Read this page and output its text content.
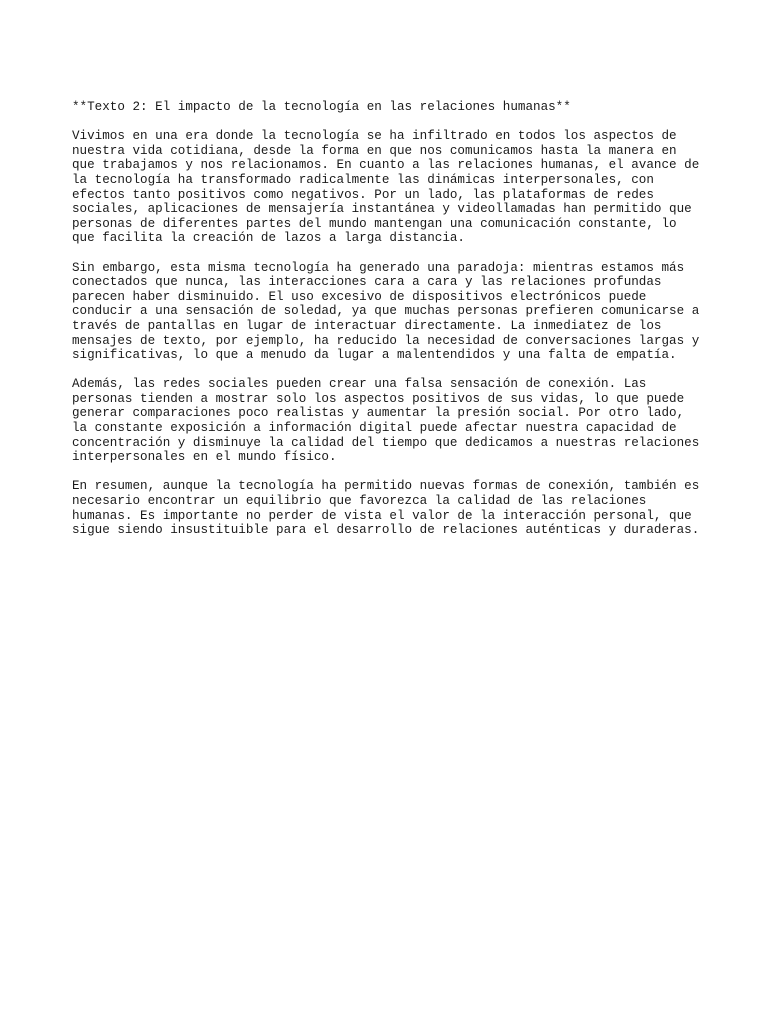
**Texto 2: El impacto de la tecnología en las relaciones humanas**

Vivimos en una era donde la tecnología se ha infiltrado en todos los aspectos de
nuestra vida cotidiana, desde la forma en que nos comunicamos hasta la manera en
que trabajamos y nos relacionamos. En cuanto a las relaciones humanas, el avance de
la tecnología ha transformado radicalmente las dinámicas interpersonales, con
efectos tanto positivos como negativos. Por un lado, las plataformas de redes
sociales, aplicaciones de mensajería instantánea y videollamadas han permitido que
personas de diferentes partes del mundo mantengan una comunicación constante, lo
que facilita la creación de lazos a larga distancia.

Sin embargo, esta misma tecnología ha generado una paradoja: mientras estamos más
conectados que nunca, las interacciones cara a cara y las relaciones profundas
parecen haber disminuido. El uso excesivo de dispositivos electrónicos puede
conducir a una sensación de soledad, ya que muchas personas prefieren comunicarse a
través de pantallas en lugar de interactuar directamente. La inmediatez de los
mensajes de texto, por ejemplo, ha reducido la necesidad de conversaciones largas y
significativas, lo que a menudo da lugar a malentendidos y una falta de empatía.

Además, las redes sociales pueden crear una falsa sensación de conexión. Las
personas tienden a mostrar solo los aspectos positivos de sus vidas, lo que puede
generar comparaciones poco realistas y aumentar la presión social. Por otro lado,
la constante exposición a información digital puede afectar nuestra capacidad de
concentración y disminuye la calidad del tiempo que dedicamos a nuestras relaciones
interpersonales en el mundo físico.

En resumen, aunque la tecnología ha permitido nuevas formas de conexión, también es
necesario encontrar un equilibrio que favorezca la calidad de las relaciones
humanas. Es importante no perder de vista el valor de la interacción personal, que
sigue siendo insustituible para el desarrollo de relaciones auténticas y duraderas.
